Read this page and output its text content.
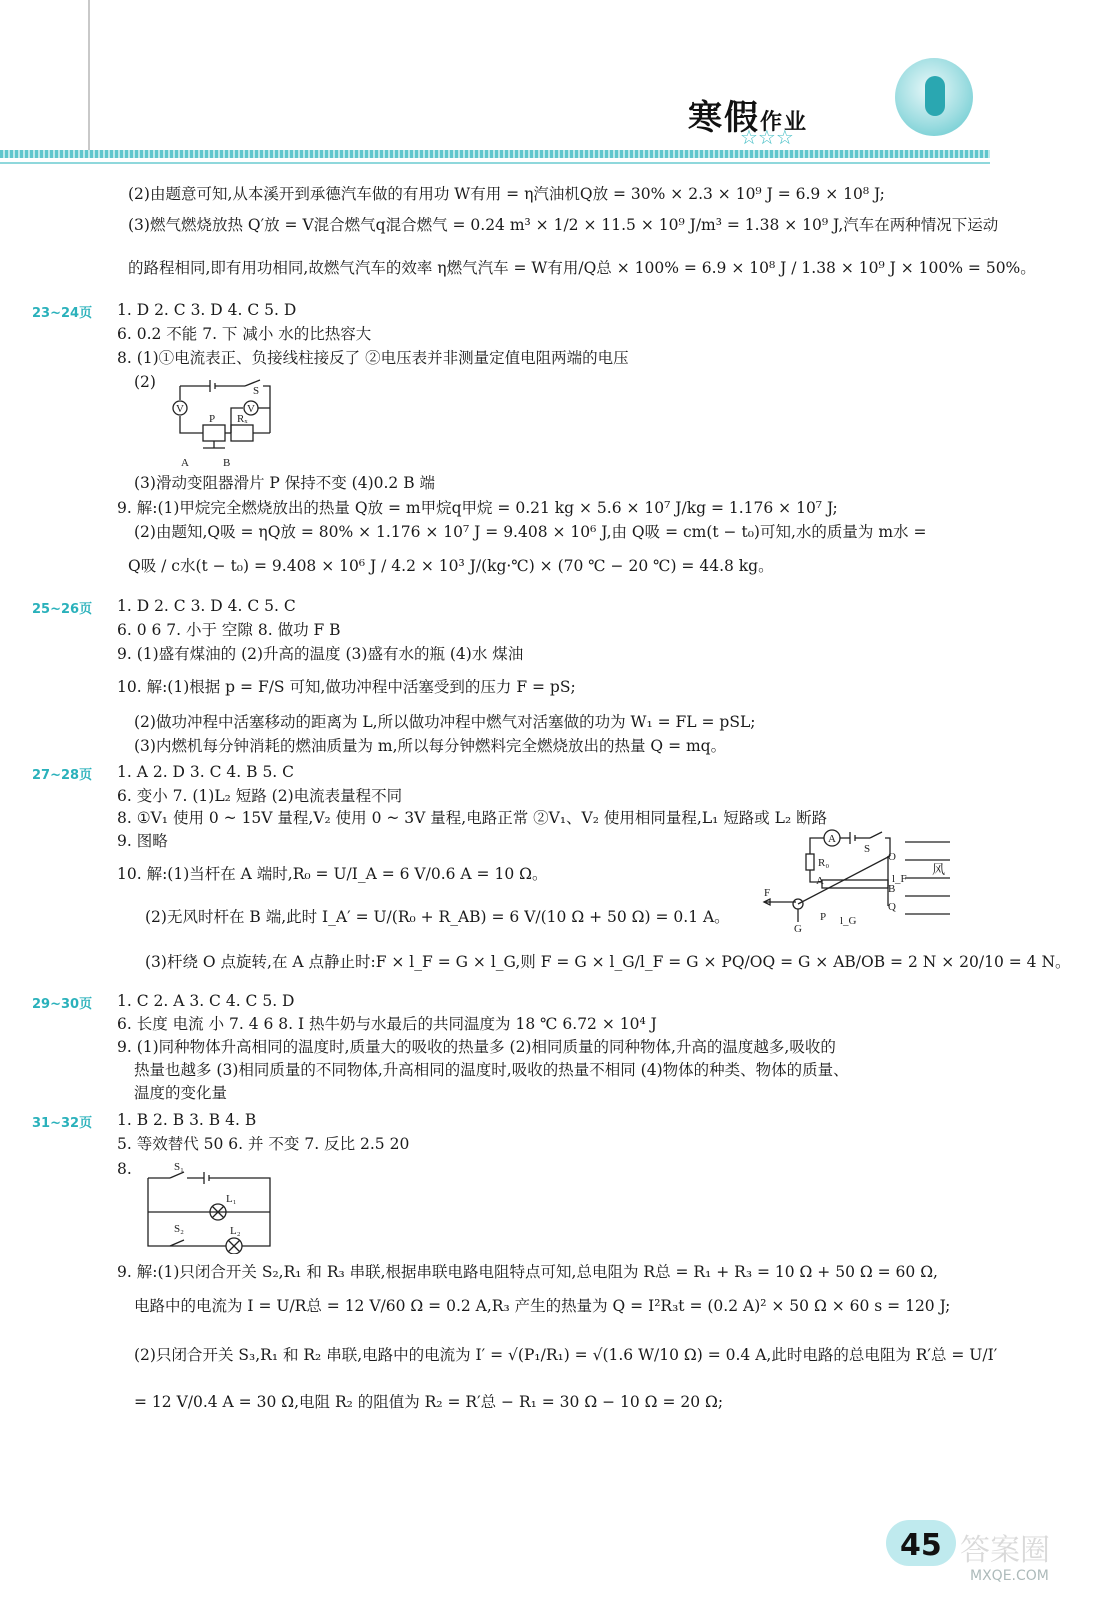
寒假作业
☆☆☆
(2)由题意可知,从本溪开到承德汽车做的有用功 W有用 = η汽油机Q放 = 30% × 2.3 × 10⁹ J = 6.9 × 10⁸ J;
(3)燃气燃烧放热 Q′放 = V混合燃气q混合燃气 = 0.24 m³ × 1/2 × 11.5 × 10⁹ J/m³ = 1.38 × 10⁹ J,汽车在两种情况下运动
的路程相同,即有用功相同,故燃气汽车的效率 η燃气汽车 = W有用/Q总 × 100% = 6.9 × 10⁸ J / 1.38 × 10⁹ J × 100% = 50%。
23~24页 1. D 2. C 3. D 4. C 5. D
6. 0.2 不能 7. 下 减小 水的比热容大
8. (1)①电流表正、负接线柱接反了 ②电压表并非测量定值电阻两端的电压
(2)
V	V
S
P Rₓ
A	B
(3)滑动变阻器滑片 P 保持不变 (4)0.2 B 端
9. 解:(1)甲烷完全燃烧放出的热量 Q放 = m甲烷q甲烷 = 0.21 kg × 5.6 × 10⁷ J/kg = 1.176 × 10⁷ J;
(2)由题知,Q吸 = ηQ放 = 80% × 1.176 × 10⁷ J = 9.408 × 10⁶ J,由 Q吸 = cm(t − t₀)可知,水的质量为 m水 =
Q吸 / c水(t − t₀) = 9.408 × 10⁶ J / 4.2 × 10³ J/(kg·℃) × (70 ℃ − 20 ℃) = 44.8 kg。
25~26页 1. D 2. C 3. D 4. C 5. C
6. 0 6 7. 小于 空隙 8. 做功 F B
9. (1)盛有煤油的 (2)升高的温度 (3)盛有水的瓶 (4)水 煤油
10. 解:(1)根据 p = F/S 可知,做功冲程中活塞受到的压力 F = pS;
(2)做功冲程中活塞移动的距离为 L,所以做功冲程中燃气对活塞做的功为 W₁ = FL = pSL;
(3)内燃机每分钟消耗的燃油质量为 m,所以每分钟燃料完全燃烧放出的热量 Q = mq。
27~28页 1. A 2. D 3. C 4. B 5. C
6. 变小 7. (1)L₂ 短路 (2)电流表量程不同
8. ①V₁ 使用 0 ~ 15V 量程,V₂ 使用 0 ~ 3V 量程,电路正常 ②V₁、V₂ 使用相同量程,L₁ 短路或 L₂ 断路
9. 图略
10. 解:(1)当杆在 A 端时,R₀ = U/I_A = 6 V/0.6 A = 10 Ω。
(2)无风时杆在 B 端,此时 I_A′ = U/(R₀ + R_AB) = 6 V/(10 Ω + 50 Ω) = 0.1 A。
(3)杆绕 O 点旋转,在 A 点静止时:F × l_F = G × l_G,则 F = G × l_G/l_F = G × PQ/OQ = G × AB/OB = 2 N × 20/10 = 4 N。
A
S
R₀	O
A
B
Q
F
G
P l_G
l_F
风
29~30页 1. C 2. A 3. C 4. C 5. D
6. 长度 电流 小 7. 4 6 8. I 热牛奶与水最后的共同温度为 18 ℃ 6.72 × 10⁴ J
9. (1)同种物体升高相同的温度时,质量大的吸收的热量多 (2)相同质量的同种物体,升高的温度越多,吸收的
热量也越多 (3)相同质量的不同物体,升高相同的温度时,吸收的热量不相同 (4)物体的种类、物体的质量、
温度的变化量
31~32页 1. B 2. B 3. B 4. B
5. 等效替代 50 6. 并 不变 7. 反比 2.5 20
8.	S₁
L₁
S₂	L₂
9. 解:(1)只闭合开关 S₂,R₁ 和 R₃ 串联,根据串联电路电阻特点可知,总电阻为 R总 = R₁ + R₃ = 10 Ω + 50 Ω = 60 Ω,
电路中的电流为 I = U/R总 = 12 V/60 Ω = 0.2 A,R₃ 产生的热量为 Q = I²R₃t = (0.2 A)² × 50 Ω × 60 s = 120 J;
(2)只闭合开关 S₃,R₁ 和 R₂ 串联,电路中的电流为 I′ = √(P₁/R₁) = √(1.6 W/10 Ω) = 0.4 A,此时电路的总电阻为 R′总 = U/I′
= 12 V/0.4 A = 30 Ω,电阻 R₂ 的阻值为 R₂ = R′总 − R₁ = 30 Ω − 10 Ω = 20 Ω;
45 答案圈
MXQE.COM
